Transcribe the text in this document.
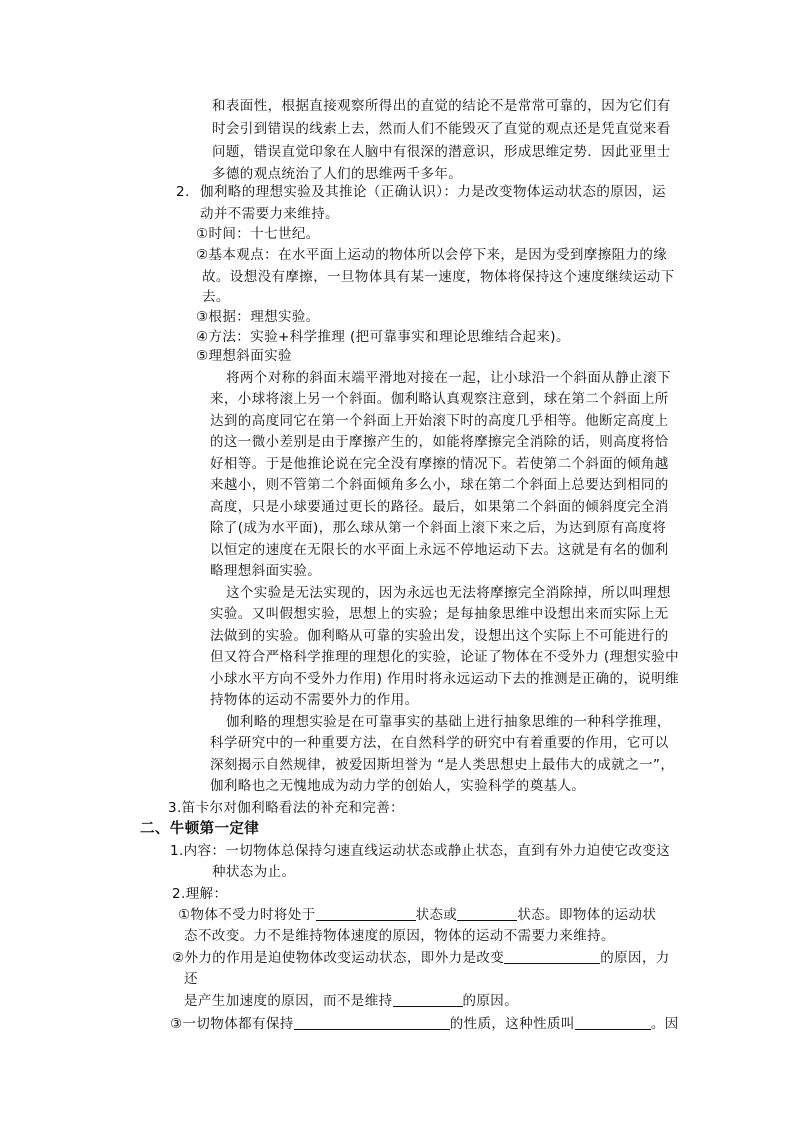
和表面性，根据直接观察所得出的直觉的结论不是常常可靠的，因为它们有
时会引到错误的线索上去，然而人们不能毁灭了直觉的观点还是凭直觉来看
问题，错误直觉印象在人脑中有很深的潜意识，形成思维定势．因此亚里士
多德的观点统治了人们的思维两千多年。
2. 伽利略的理想实验及其推论（正确认识）：力是改变物体运动状态的原因，运
动并不需要力来维持。
①时间：十七世纪。
②基本观点：在水平面上运动的物体所以会停下来，是因为受到摩擦阻力的缘
故。设想没有摩擦，一旦物体具有某一速度，物体将保持这个速度继续运动下
去。
③根据：理想实验。
④方法：实验+科学推理 (把可靠事实和理论思维结合起来)。
⑤理想斜面实验
将两个对称的斜面末端平滑地对接在一起，让小球沿一个斜面从静止滚下
来，小球将滚上另一个斜面。伽利略认真观察注意到，球在第二个斜面上所
达到的高度同它在第一个斜面上开始滚下时的高度几乎相等。他断定高度上
的这一微小差别是由于摩擦产生的，如能将摩擦完全消除的话，则高度将恰
好相等。于是他推论说在完全没有摩擦的情况下。若使第二个斜面的倾角越
来越小，则不管第二个斜面倾角多么小，球在第二个斜面上总要达到相同的
高度，只是小球要通过更长的路径。最后，如果第二个斜面的倾斜度完全消
除了(成为水平面)，那么球从第一个斜面上滚下来之后，为达到原有高度将
以恒定的速度在无限长的水平面上永远不停地运动下去。这就是有名的伽利
略理想斜面实验。
这个实验是无法实现的，因为永远也无法将摩擦完全消除掉，所以叫理想
实验。又叫假想实验，思想上的实验；是每抽象思维中设想出来而实际上无
法做到的实验。伽利略从可靠的实验出发，设想出这个实际上不可能进行的
但又符合严格科学推理的理想化的实验，论证了物体在不受外力 (理想实验中
小球水平方向不受外力作用) 作用时将永远运动下去的推测是正确的，说明维
持物体的运动不需要外力的作用。
伽利略的理想实验是在可靠事实的基础上进行抽象思维的一种科学推理，
科学研究中的一种重要方法，在自然科学的研究中有着重要的作用，它可以
深刻揭示自然规律，被爱因斯坦誉为 “是人类思想史上最伟大的成就之一”，
伽利略也之无愧地成为动力学的创始人，实验科学的奠基人。
3.笛卡尔对伽利略看法的补充和完善：
二、牛顿第一定律
1.内容：一切物体总保持匀速直线运动状态或静止状态，直到有外力迫使它改变这
种状态为止。
2.理解：
①物体不受力时将处于	状态或	状态。即物体的运动状
态不改变。力不是维持物体速度的原因，物体的运动不需要力来维持。
②外力的作用是迫使物体改变运动状态，即外力是改变	的原因，力
还
是产生加速度的原因，而不是维持	的原因。
③一切物体都有保持	的性质，这种性质叫	。因
